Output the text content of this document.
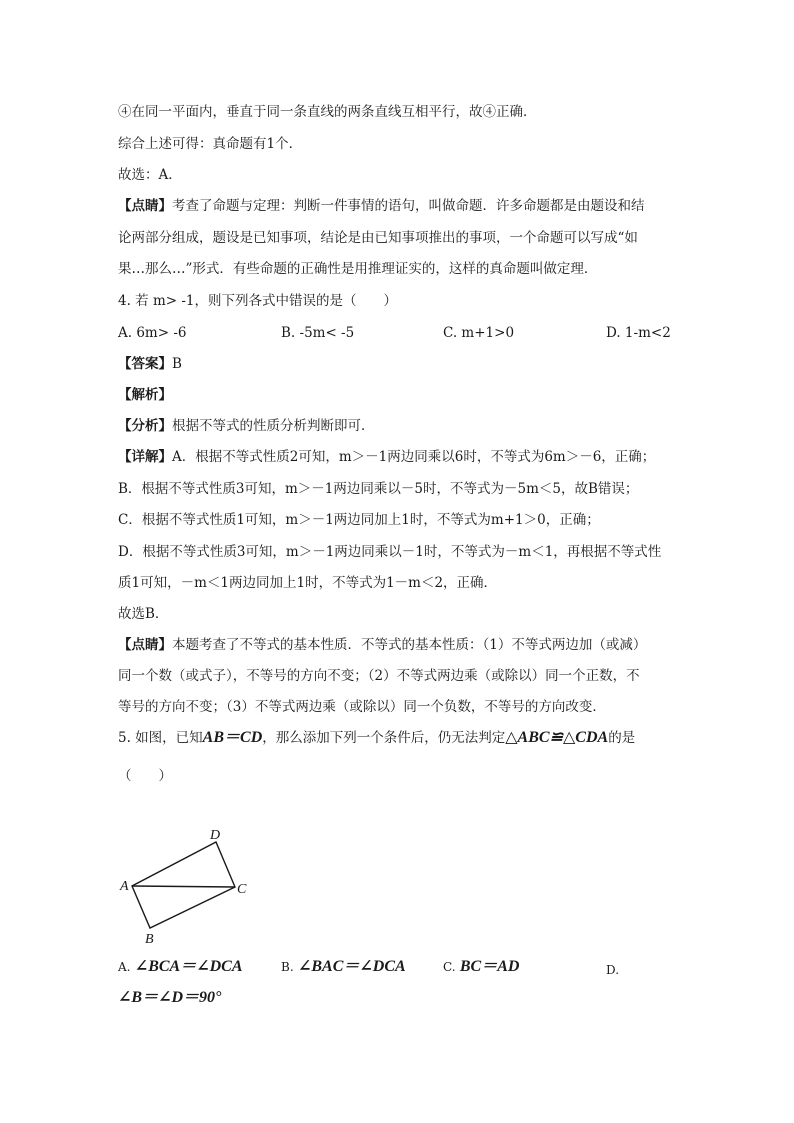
④在同一平面内，垂直于同一条直线的两条直线互相平行，故④正确．
综合上述可得：真命题有1个．
故选：A．
【点睛】考查了命题与定理：判断一件事情的语句，叫做命题．许多命题都是由题设和结
论两部分组成，题设是已知事项，结论是由已知事项推出的事项，一个命题可以写成“如
果…那么…”形式．有些命题的正确性是用推理证实的，这样的真命题叫做定理．
4. 若 m> -1，则下列各式中错误的是（　　）
A. 6m> -6	B. -5m< -5	C. m+1>0	D. 1-m<2
【答案】B
【解析】
【分析】根据不等式的性质分析判断即可．
【详解】A．根据不等式性质2可知，m＞－1两边同乘以6时，不等式为6m＞－6，正确；
B．根据不等式性质3可知，m＞－1两边同乘以－5时，不等式为－5m＜5，故B错误；
C．根据不等式性质1可知，m＞－1两边同加上1时，不等式为m+1＞0，正确；
D．根据不等式性质3可知，m＞－1两边同乘以－1时，不等式为－m＜1，再根据不等式性
质1可知，－m＜1两边同加上1时，不等式为1－m＜2，正确．
故选B．
【点睛】本题考查了不等式的基本性质．不等式的基本性质：（1）不等式两边加（或减）
同一个数（或式子），不等号的方向不变；（2）不等式两边乘（或除以）同一个正数，不
等号的方向不变；（3）不等式两边乘（或除以）同一个负数，不等号的方向改变．
5. 如图，已知AB＝CD，那么添加下列一个条件后，仍无法判定△ABC≌△CDA的是
（　　）
D
A	C
B
A. ∠BCA＝∠DCA	B. ∠BAC＝∠DCA	C. BC＝AD	D.
∠B＝∠D＝90°
